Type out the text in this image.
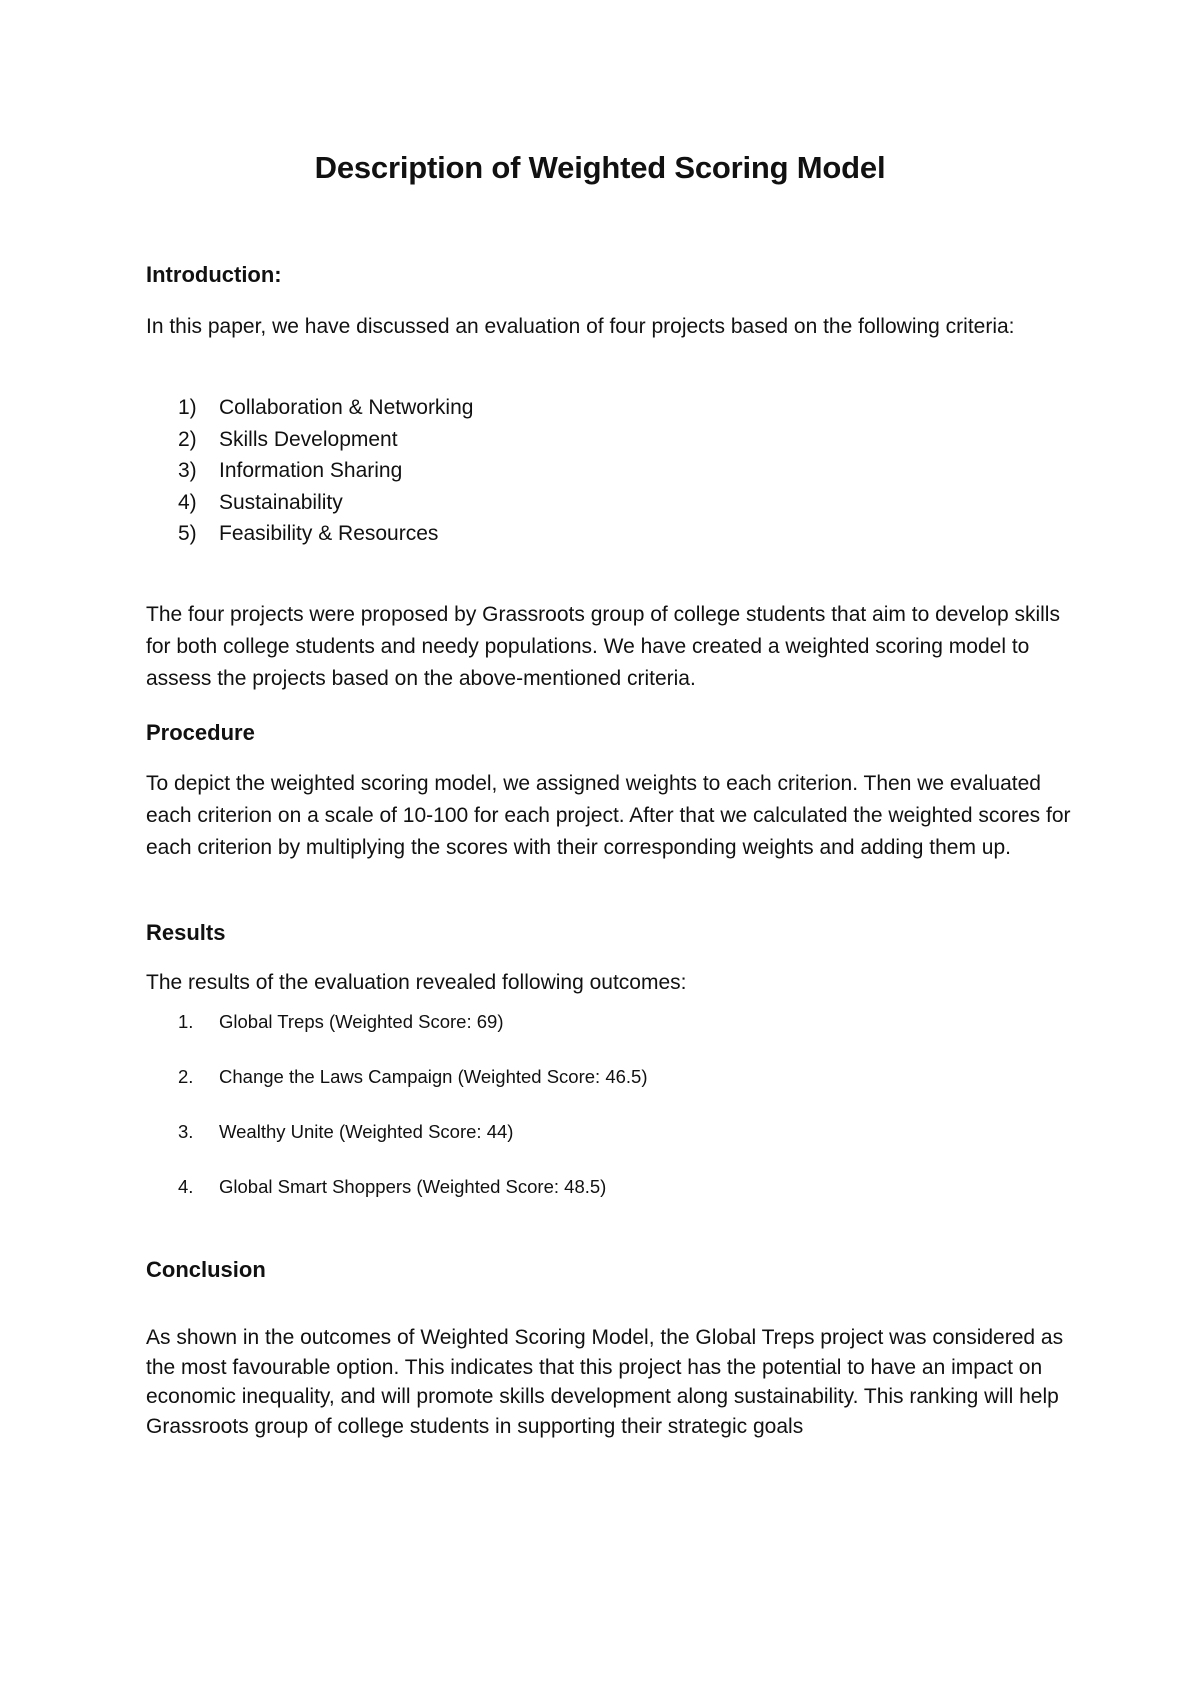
Description of Weighted Scoring Model
Introduction:
In this paper, we have discussed an evaluation of four projects based on the following criteria:
1) Collaboration & Networking
2) Skills Development
3) Information Sharing
4) Sustainability
5) Feasibility & Resources
The four projects were proposed by Grassroots group of college students that aim to develop skills for both college students and needy populations. We have created a weighted scoring model to assess the projects based on the above-mentioned criteria.
Procedure
To depict the weighted scoring model, we assigned weights to each criterion. Then we evaluated each criterion on a scale of 10-100 for each project. After that we calculated the weighted scores for each criterion by multiplying the scores with their corresponding weights and adding them up.
Results
The results of the evaluation revealed following outcomes:
1. Global Treps (Weighted Score: 69)
2. Change the Laws Campaign (Weighted Score: 46.5)
3. Wealthy Unite (Weighted Score: 44)
4. Global Smart Shoppers (Weighted Score: 48.5)
Conclusion
As shown in the outcomes of Weighted Scoring Model, the Global Treps project was considered as the most favourable option. This indicates that this project has the potential to have an impact on economic inequality, and will promote skills development along sustainability. This ranking will help Grassroots group of college students in supporting their strategic goals
